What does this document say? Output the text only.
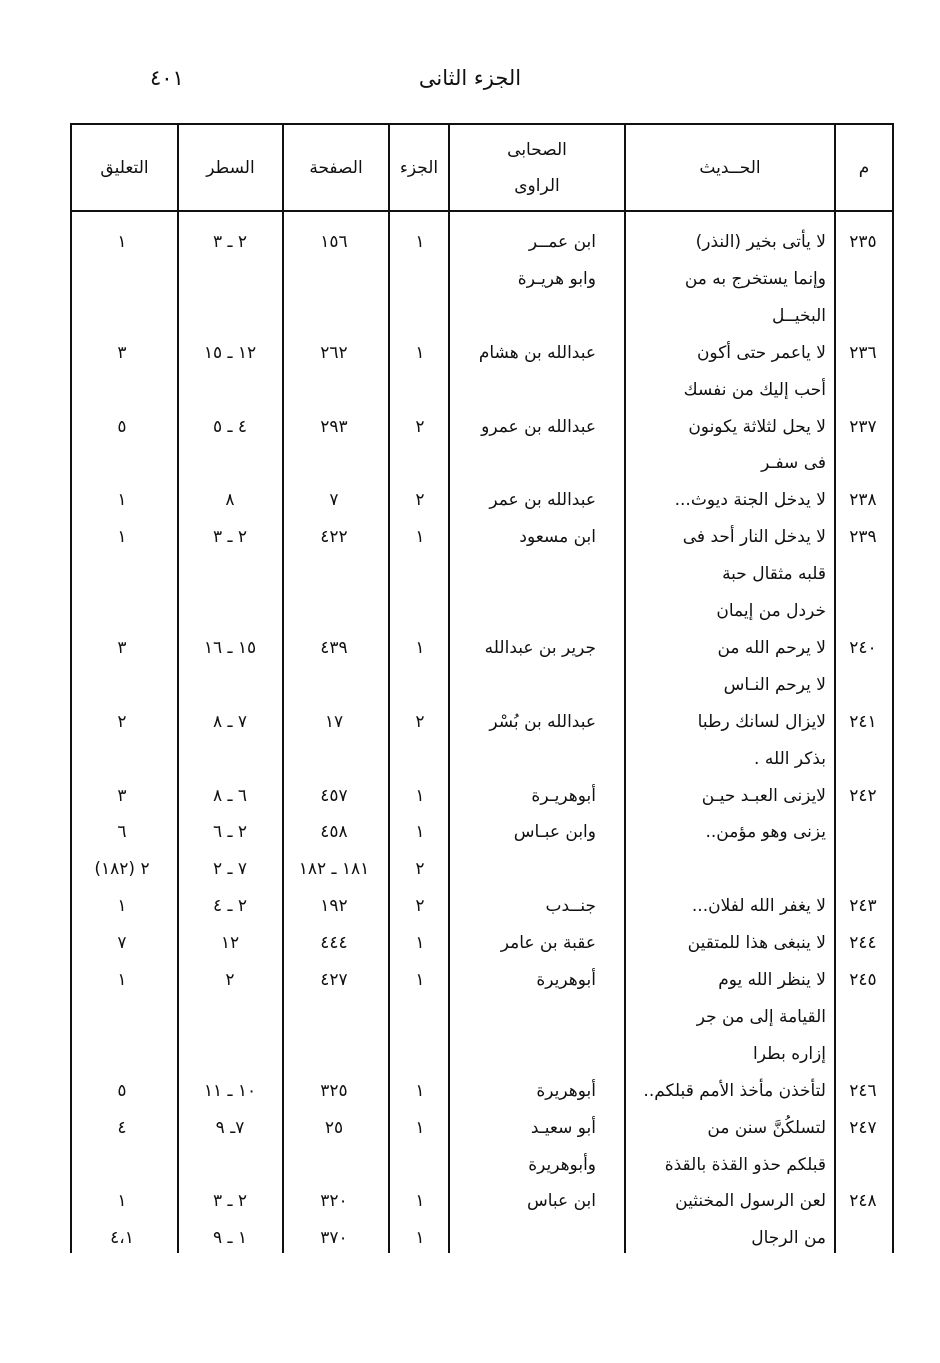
٤٠١	الجزء الثانى
م
الحــديث
الصحابى
الراوى
الجزء
الصفحة
السطر
التعليق
٢٣٥
لا يأتى بخير (النذر)
ابن عمــر
١
١٥٦
٢ ـ ٣
١
وإنما يستخرج به من
وابو هريـرة
البخيــل
٢٣٦
لا ياعمر حتى أكون
عبدالله بن هشام
١
٢٦٢
١٢ ـ ١٥
٣
أحب إليك من نفسك
٢٣٧
لا يحل لثلاثة يكونون
عبدالله بن عمرو
٢
٢٩٣
٤ ـ ٥
٥
فى سفـر
٢٣٨
لا يدخل الجنة ديوث...
عبدالله بن عمر
٢
٧
٨
١
٢٣٩
لا يدخل النار أحد فى
ابن مسعود
١
٤٢٢
٢ ـ ٣
١
قلبه مثقال حبة
خردل من إيمان
٢٤٠
لا يرحم الله من
جرير بن عبدالله
١
٤٣٩
١٥ ـ ١٦
٣
لا يرحم النـاس
٢٤١
لايزال لسانك رطبا
عبدالله بن بُسْر
٢
١٧
٧ ـ ٨
٢
بذكر الله .
٢٤٢
لايزنى العبـد حيـن
أبوهريـرة
١
٤٥٧
٦ ـ ٨
٣
يزنى وهو مؤمن..
وابن عبـاس
١
٤٥٨
٢ ـ ٦
٦
٢
١٨١ ـ ١٨٢
٧ ـ ٢
٢ (١٨٢)
٢٤٣
لا يغفر الله لفلان...
جنــدب
٢
١٩٢
٢ ـ ٤
١
٢٤٤
لا ينبغى هذا للمتقين
عقبة بن عامر
١
٤٤٤
١٢
٧
٢٤٥
لا ينظر الله يوم
أبوهريرة
١
٤٢٧
٢
١
القيامة إلى من جر
إزاره بطرا
٢٤٦
لتأخذن مأخذ الأمم قبلكم..
أبوهريرة
١
٣٢٥
١٠ ـ ١١
٥
٢٤٧
لتسلكُنَّ سنن من
أبو سعيـد
١
٢٥
٧ـ ٩
٤
قبلكم حذو القذة بالقذة
وأبوهريرة
٢٤٨
لعن الرسول المخنثين
ابن عباس
١
٣٢٠
٢ ـ ٣
١
من الرجال
١
٣٧٠
١ ـ ٩
٤،١
